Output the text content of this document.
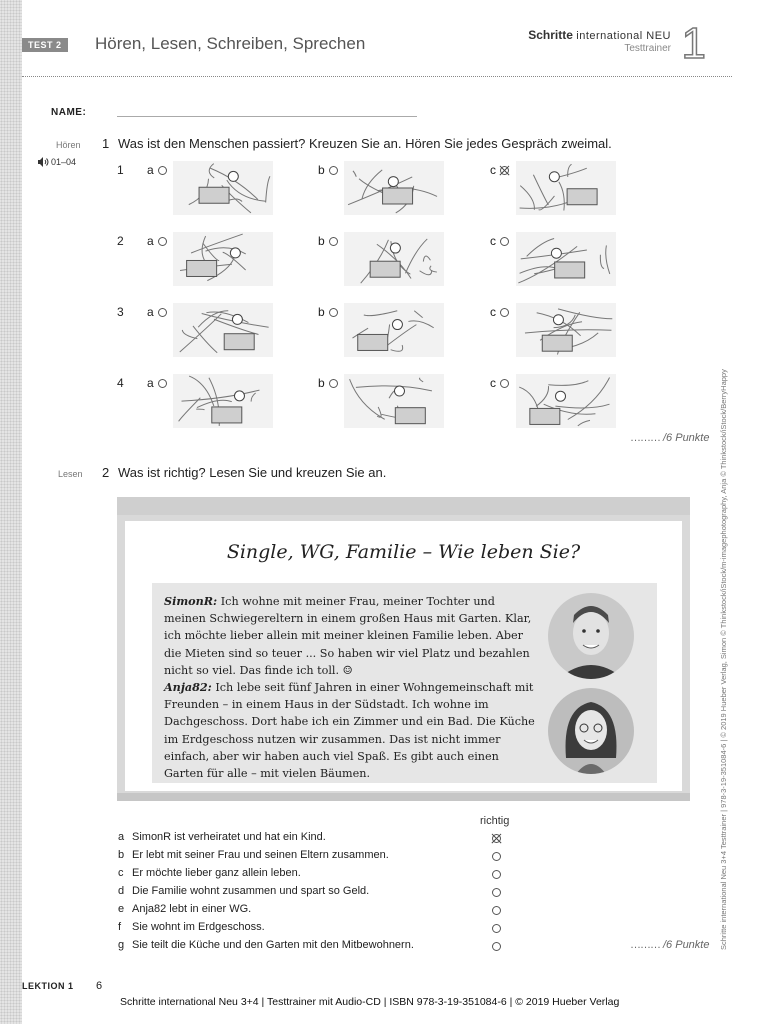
TEST 2	Hören, Lesen, Schreiben, Sprechen	Schritte international NEU
Testtrainer 1
NAME:
Hören
01–04
1 Was ist den Menschen passiert? Kreuzen Sie an. Hören Sie jedes Gespräch zweimal.
1 a	b	c
2 a	b	c
3 a	b	c
4 a	b	c
……… /6 Punkte
Lesen 2 Was ist richtig? Lesen Sie und kreuzen Sie an.
Single, WG, Familie – Wie leben Sie?

SimonR: Ich wohne mit meiner Frau, meiner Tochter und meinen Schwiegereltern in einem großen Haus mit Garten. Klar, ich möchte lieber allein mit meiner kleinen Familie leben. Aber die Mieten sind so teuer ... So haben wir viel Platz und bezahlen nicht so viel. Das finde ich toll. ☺

Anja82: Ich lebe seit fünf Jahren in einer Wohngemeinschaft mit Freunden – in einem Haus in der Südstadt. Ich wohne im Dachgeschoss. Dort habe ich ein Zimmer und ein Bad. Die Küche im Erdgeschoss nutzen wir zusammen. Das ist nicht immer einfach, aber wir haben auch viel Spaß. Es gibt auch einen Garten für alle – mit vielen Bäumen.

richtig
a SimonR ist verheiratet und hat ein Kind.
b Er lebt mit seiner Frau und seinen Eltern zusammen.
c Er möchte lieber ganz allein leben.
d Die Familie wohnt zusammen und spart so Geld.
e Anja82 lebt in einer WG.
f Sie wohnt im Erdgeschoss.
g Sie teilt die Küche und den Garten mit den Mitbewohnern.	……… /6 Punkte Schritte international Neu 3+4 Testtrainer | 978-3-19-351084-6 | © 2019 Hueber Verlag, Simon © Thinkstock/iStock/m-imagephotography, Anja © Thinkstock/iStock/BerryHappy
LEKTION 1 6
Schritte international Neu 3+4 | Testtrainer mit Audio-CD | ISBN 978-3-19-351084-6 | © 2019 Hueber Verlag
